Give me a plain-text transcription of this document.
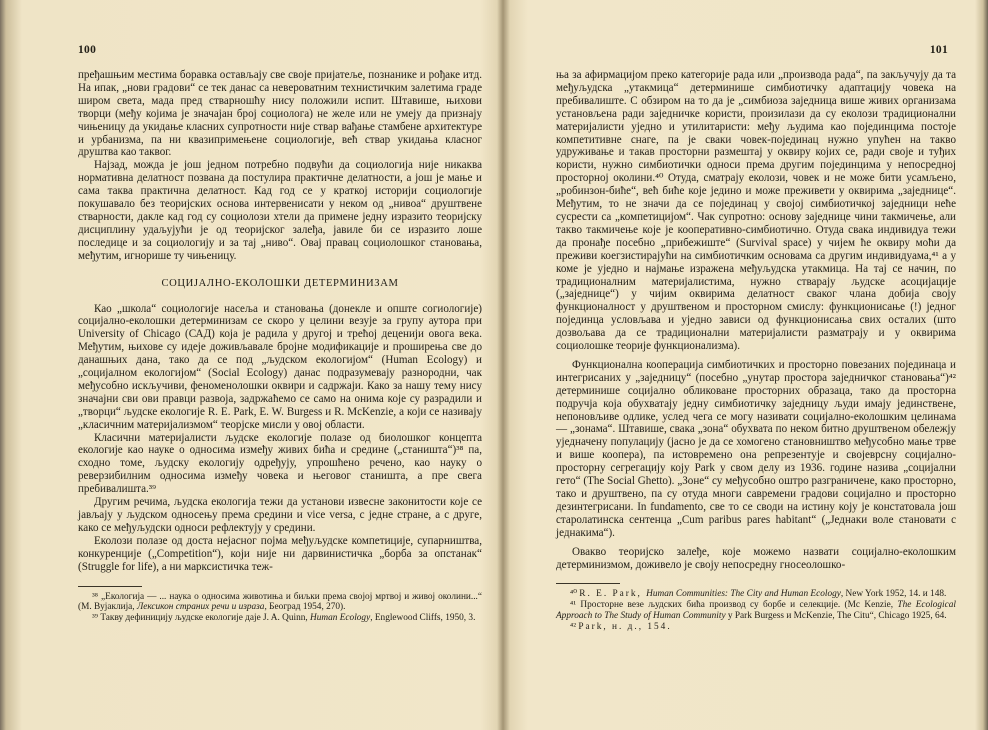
100

пређашњим местима боравка остављају све своје пријатеље, познанике и рођаке итд. На ипак, „нови градови“ се тек данас са невероватним технистичким залетима граде широм света, мада пред стварношћу нису положили испит. Штавише, њихови творци (међу којима је значајан број социолога) не желе или не умеју да признају чињеницу да укидање класних супротности није ствар вађање стамбене архитектуре и урбанизма, па ни квазипримењене социологије, већ ствар укидања класног друштва као таквог.

Најзад, можда је још једном потребно подвући да социологија није никаква нормативна делатност позвана да постулира практичне делатности, а још је мање и сама таква практична делатност. Кад год се у краткој историји социологије покушавало без теоријских основа интервенисати у неком од „нивоа“ друштвене стварности, дакле кад год су социолози хтели да примене једну изразито теоријску дисциплину удаљујући је од теоријског залеђа, јавиле би се изразито лоше последице и за социологију и за тај „ниво“. Овај правац социолошког становања, међутим, игнорише ту чињеницу.

СОЦИЈАЛНО-ЕКОЛОШКИ ДЕТЕРМИНИЗАМ

Као „школа“ социологије насеља и становања (донекле и опште сoгиологије) социјално-еколошки детерминизам се скоро у целини везује за групу аутора при University of Chicago (САД) која је радила у другој и трећој деценији овога века. Међутим, њихове су идеје доживљавале бројне модификације и проширења све до данашњих дана, тако да се под „људском екологијом“ (Human Ecology) и „социјалном екологијом“ (Social Ecology) данас подразумевају разнородни, чак међусобно искључиви, феноменолошки оквири и садржаји. Како за нашу тему нису значајни сви ови правци развоја, задржаћемо се само на онима које су разрадили и „творци“ људске екологије R. E. Park, E. W. Burgess и R. McKenzie, а који се називају „класичним материјализмом“ теорјске мисли у овој области.

Класични материјалисти људске екологије полазе од биолошког концепта екологије као науке о односима између живих бића и средине („станишта“)³⁸ па, сходно томе, људску екологију одређују, упрошћено речено, као науку о реверзибилним односима између човека и његовог станишта, а пре свега пребивалишта.³⁹

Другим речима, људска екологија тежи да установи извесне законитости које се јављају у људском односењу према средини и vice versa, с једне стране, а с друге, како се међуљудски односи рефлектују у средини.

Еколози полазе од доста нејасног појма међуљудске компетиције, супарништва, конкуренције („Competition“), који није ни дарвинистичка „борба за опстанак“ (Struggle for life), а ни марксистичка теж-

³⁸ „Екологија — ... наука о односима животиња и биљки према својој мртвој и живој околини...“ (М. Вујаклија, Лексикон страних речи и израза, Београд 1954, 270).

³⁹ Такву дефиницију људске екологије даје J. A. Quinn, Human Ecology, Englewood Cliffs, 1950, 3.

101

ња за афирмацијом преко категорије рада или „производа рада“, па закључују да та међуљудска „утакмица“ детерминише симбиотичку адаптацију човека на пребивалиште. С обзиром на то да је „симбиоза заједница више живих организама установљена ради заједничке користи, произилази да су еколози традиционални материјалисти уједно и утилитаристи: међу људима као појединцима постоје компетитивне снаге, па је сваки човек-појединац нужно упућен на такво удруживање и такав просторни размештај у оквиру којих се, ради своје и туђих користи, нужно симбиотички односи према другим појединцима у непосредној просторној околини.⁴⁰ Отуда, сматрају еколози, човек и не може бити усамљено, „робинзон-биће“, већ биће које једино и може преживети у оквирима „заједнице“. Међутим, то не значи да се појединац у својој симбиотичкој заједници неће сусрести са „компетицијом“. Чак супротно: основу заједнице чини такмичење, али такво такмичење које је кооперативно-симбиотично. Отуда свака индивидуа тежи да пронађе посебно „прибежиште“ (Survival space) у чијем ће оквиру моћи да преживи коегзистирајући на симбиотичким основама са другим индивидуама,⁴¹ а у коме је уједно и најмање изражена међуљудска утакмица. На тај се начин, по традиционалним материјалистима, нужно стварају људске асоцијације („заједнице“) у чијим оквирима делатност сваког члана добија своју функционалност у друштвеном и просторном смислу: функционисање (!) једног појединца условљава и уједно зависи од функционисања свих осталих (што дозвољава да се традиционални материјалисти разматрају и у оквирима социолошке теорије функционализма).

Функционална кооперација симбиотичких и просторно повезаних појединаца и интегрисаних у „заједницу“ (посебно „унутар простора заједничког становања“)⁴² детерминише социјално обликоване просторних образаца, тако да просторна подручја која обухватају једну симбиотичку заједницу људи имају јединствене, непоновљиве одлике, услед чега се могу називати социјално-еколошким целинама — „зонама“. Штавише, свака „зона“ обухвата по неком битно друштвеном обележју уједначену популацију (јасно је да се хомогено становништво међусобно мање трве и више коопера), па истовремено она репрезентује и својеврсну социјално-просторну сегрегацију коју Park у свом делу из 1936. године назива „социјални гето“ (The Social Ghetto). „Зоне“ су међусобно оштро разграничене, како просторно, тако и друштвено, па су отуда многи савремени градови социјално и просторно дезинтегрисани. In fundamento, све то се своди на истину коју је констатовала још старолатинска сентенца „Cum paribus pares habitant“ („Једнаки воле становати с једнакима“).

Овакво теоријско залеђе, које можемо назвати социјално-еколошким детерминизмом, доживело је своју непосредну гносеолошко-

⁴⁰ R. E. Park, Human Communities: The City and Human Ecology, New York 1952, 14. и 148.

⁴¹ Просторне везе људских бића производ су борбе и селекције. (Mc Kenzie, The Ecological Approach to The Study of Human Community у Park Burgess и McKenzie, The Citu“, Chicago 1925, 64.

⁴² Park, н. д., 154.
